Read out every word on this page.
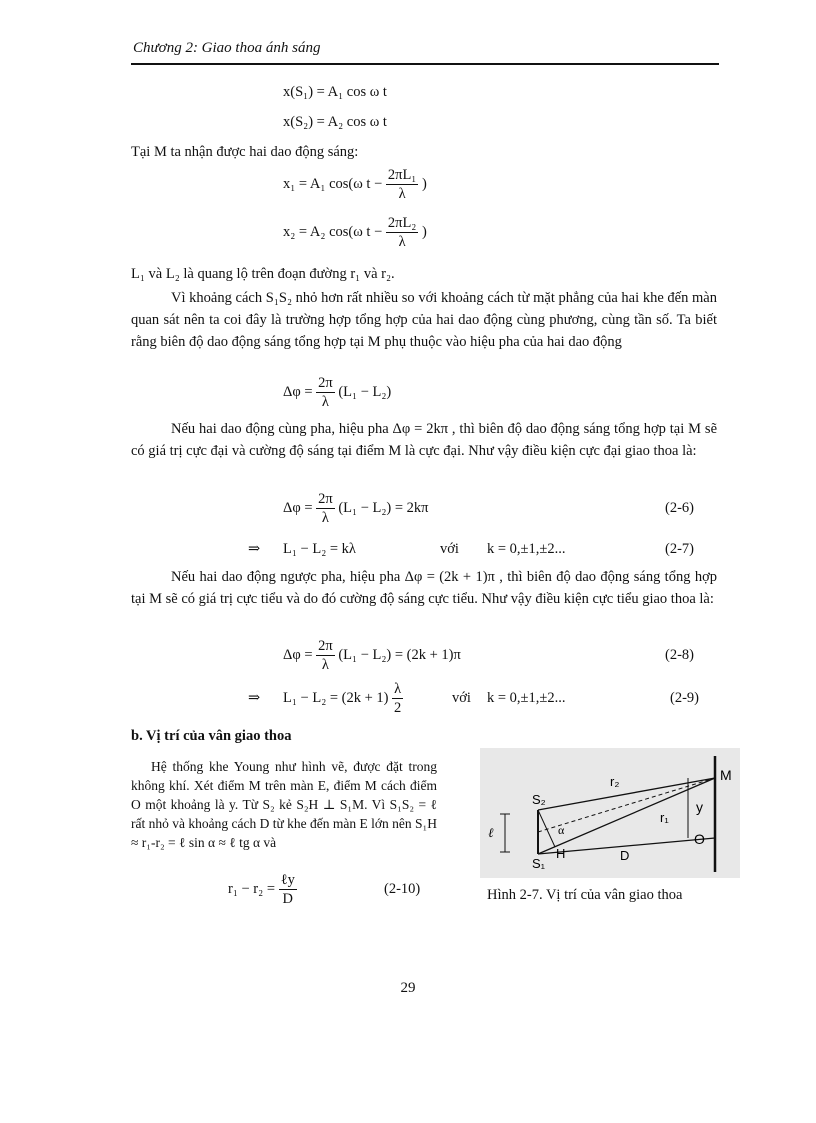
Chương 2: Giao thoa ánh sáng
x(S₁) = A₁ cos ω t
x(S₂) = A₂ cos ω t
Tại M ta nhận được hai dao động sáng:
x₁ = A₁ cos(ω $t - \frac{\text{2πL₁}}{\lambda}$ )
x₂ = A₂ cos(ω $t - \frac{\text{2πL₂}}{\lambda}$ )
L₁ và L₂ là quang lộ trên đoạn đường r₁ và r₂.
Vì khoảng cách S₁S₂ nhỏ hơn rất nhiều so với khoảng cách từ mặt phẳng của hai khe đến màn quan sát nên ta coi đây là trường hợp tổng hợp của hai dao động cùng phương, cùng tần số. Ta biết rằng biên độ dao động sáng tổng hợp tại M phụ thuộc vào hiệu pha của hai dao động
$\Delta\varphi = \frac{2\pi}{\lambda} (L_1 - L_2)$
Nếu hai dao động cùng pha, hiệu pha Δφ = 2kπ , thì biên độ dao động sáng tổng hợp tại M sẽ có giá trị cực đại và cường độ sáng tại điểm M là cực đại. Như vậy điều kiện cực đại giao thoa là:
$\Delta\varphi = \frac{2\pi}{\lambda} (L_1 - L_2) = 2k\pi$	(2-6)
⇒ L₁ − L₂ = kλ	với k = 0,±1,±2...	(2-7)
Nếu hai dao động ngược pha, hiệu pha Δφ = (2k + 1)π , thì biên độ dao động sáng tổng hợp tại M sẽ có giá trị cực tiểu và do đó cường độ sáng cực tiểu. Như vậy điều kiện cực tiểu giao thoa là:
$\Delta\varphi = \frac{2\pi}{\lambda} (L_1 - L_2) = (2k + 1)\pi$	(2-8)
⇒ $L_1 - L_2 = (2k + 1) \frac{\lambda}{2}$	với k = 0,±1,±2...	(2-9)
b. Vị trí của vân giao thoa
Hệ thống khe Young như hình vẽ, được đặt trong không khí. Xét điểm M trên màn E, điểm M cách điểm O một khoảng là y. Từ S₂ kẻ S₂H ⊥ S₁M. Vì S₁S₂ = ℓ rất nhỏ và khoảng cách D từ khe đến màn E lớn nên S₁H ≈ r₁-r₂ = ℓ sin α ≈ ℓ tg α và
$r_1 - r_2 = \frac{\text{ℓy}}{D}$	(2-10)
M
y
O
r₂
r₁
S₂
S₁
ℓ	α
H	D
Hình 2-7. Vị trí của vân giao thoa
29
